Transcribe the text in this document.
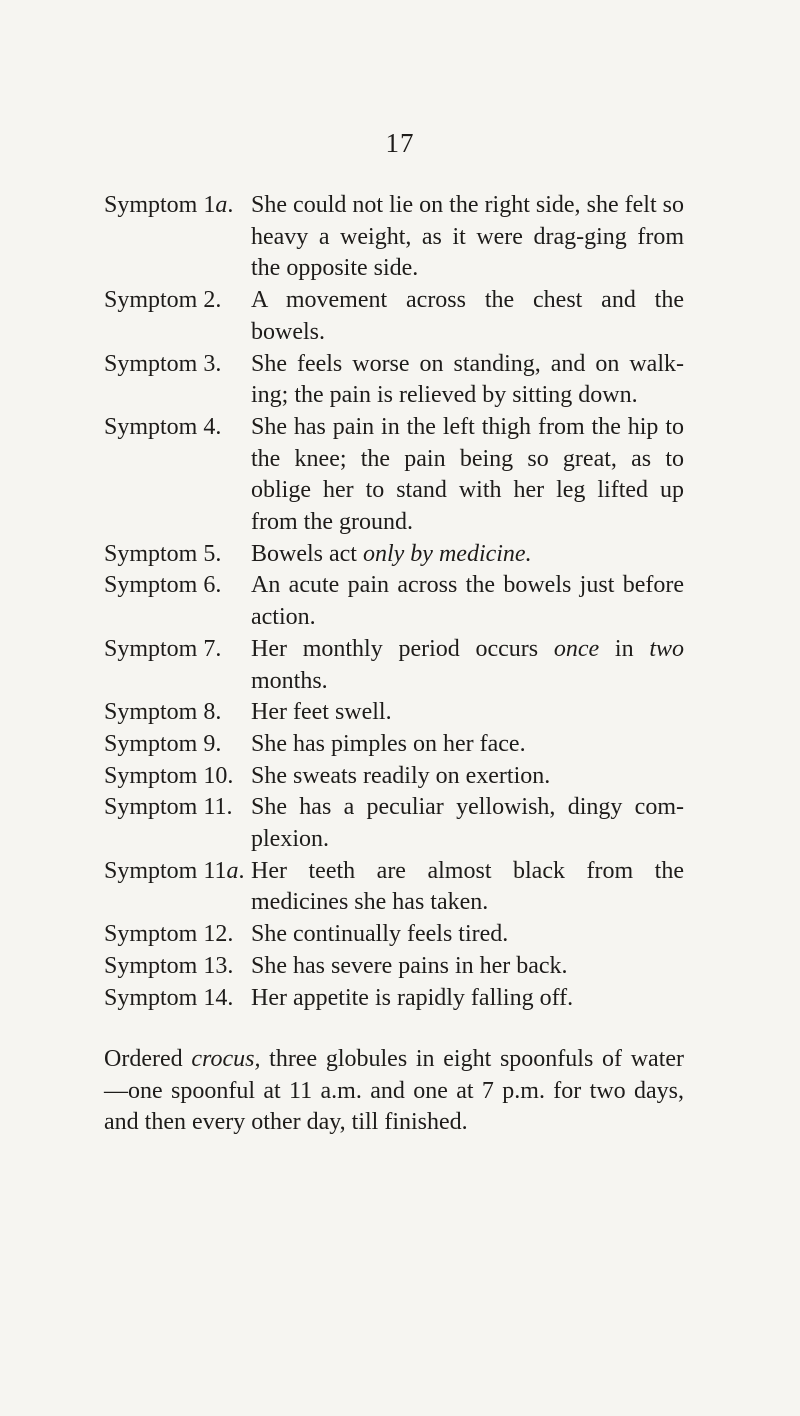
17
Symptom 1a. She could not lie on the right side, she felt so heavy a weight, as it were drag-ging from the opposite side.
Symptom 2.	A movement across the chest and the bowels.
Symptom 3.	She feels worse on standing, and on walk-ing; the pain is relieved by sitting down.
Symptom 4.	She has pain in the left thigh from the hip to the knee; the pain being so great, as to oblige her to stand with her leg lifted up from the ground.
Symptom 5.	Bowels act only by medicine.
Symptom 6.	An acute pain across the bowels just before action.
Symptom 7.	Her monthly period occurs once in two months.
Symptom 8.	Her feet swell.
Symptom 9.	She has pimples on her face.
Symptom 10. She sweats readily on exertion.
Symptom 11. She has a peculiar yellowish, dingy com-plexion.
Symptom 11a. Her teeth are almost black from the medicines she has taken.
Symptom 12. She continually feels tired.
Symptom 13. She has severe pains in her back.
Symptom 14. Her appetite is rapidly falling off.

Ordered crocus, three globules in eight spoonfuls of water—one spoonful at 11 a.m. and one at 7 p.m. for two days, and then every other day, till finished.
